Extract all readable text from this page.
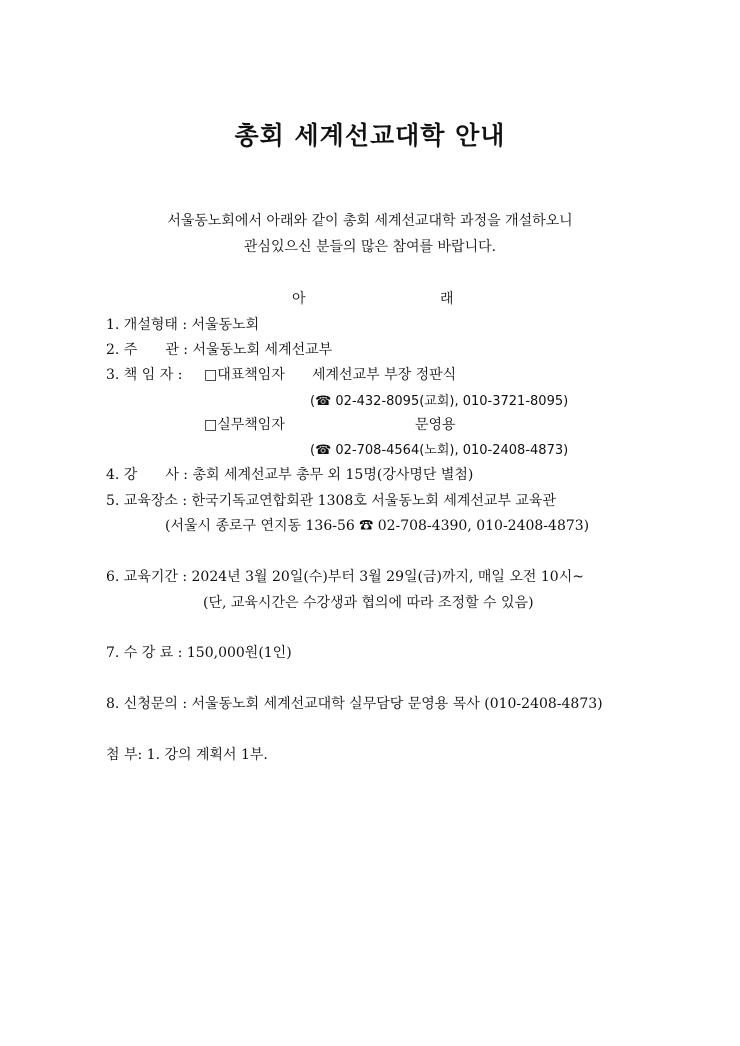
총회 세계선교대학 안내
서울동노회에서 아래와 같이 총회 세계선교대학 과정을 개설하오니
관심있으신 분들의 많은 참여를 바랍니다.
아	래
1. 개설형태 : 서울동노회
2. 주　　관 : 서울동노회 세계선교부
3. 책 임 자 : □대표책임자 세계선교부 부장 정판식
(☎ 02-432-8095(교회), 010-3721-8095)
□실무책임자	문영용
(☎ 02-708-4564(노회), 010-2408-4873)
4. 강　　사 : 총회 세계선교부 총무 외 15명(강사명단 별첨)
5. 교육장소 : 한국기독교연합회관 1308호 서울동노회 세계선교부 교육관
(서울시 종로구 연지동 136-56 ☎ 02-708-4390, 010-2408-4873)
6. 교육기간 : 2024년 3월 20일(수)부터 3월 29일(금)까지, 매일 오전 10시~
(단, 교육시간은 수강생과 협의에 따라 조정할 수 있음)
7. 수 강 료 : 150,000원(1인)
8. 신청문의 : 서울동노회 세계선교대학 실무담당 문영용 목사 (010-2408-4873)
첨 부: 1. 강의 계획서 1부.
